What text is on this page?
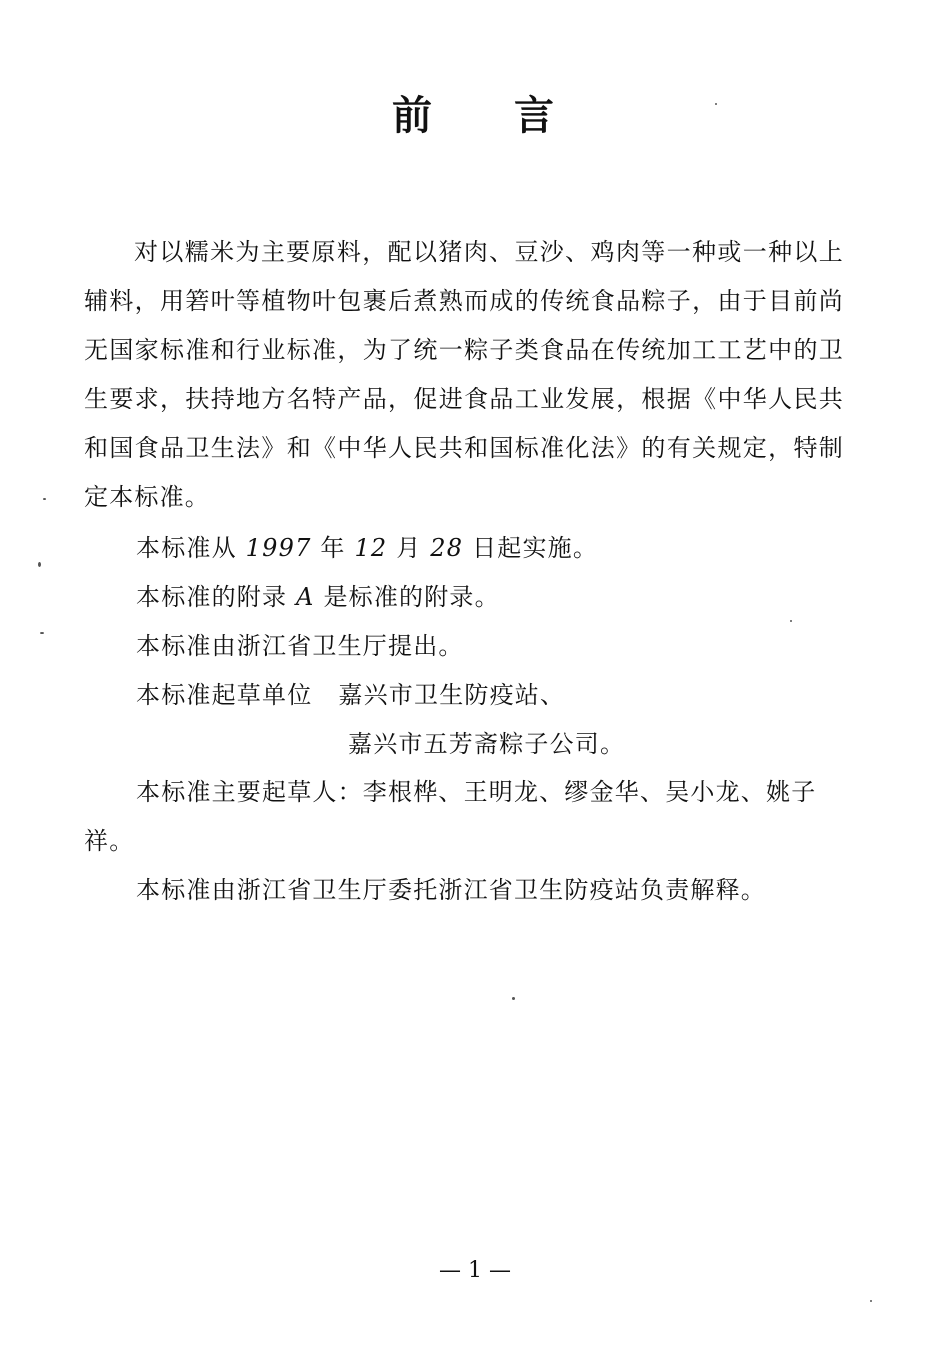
前 言

对以糯米为主要原料，配以猪肉、豆沙、鸡肉等一种或一种以上辅料，用箬叶等植物叶包裹后煮熟而成的传统食品粽子，由于目前尚无国家标准和行业标准，为了统一粽子类食品在传统加工工艺中的卫生要求，扶持地方名特产品，促进食品工业发展，根据《中华人民共和国食品卫生法》和《中华人民共和国标准化法》的有关规定，特制定本标准。

本标准从 1997 年 12 月 28 日起实施。
本标准的附录 A 是标准的附录。
本标准由浙江省卫生厅提出。
本标准起草单位 嘉兴市卫生防疫站、
嘉兴市五芳斋粽子公司。

本标准主要起草人：李根桦、王明龙、缪金华、吴小龙、姚子祥。

本标准由浙江省卫生厅委托浙江省卫生防疫站负责解释。
— 1 —
